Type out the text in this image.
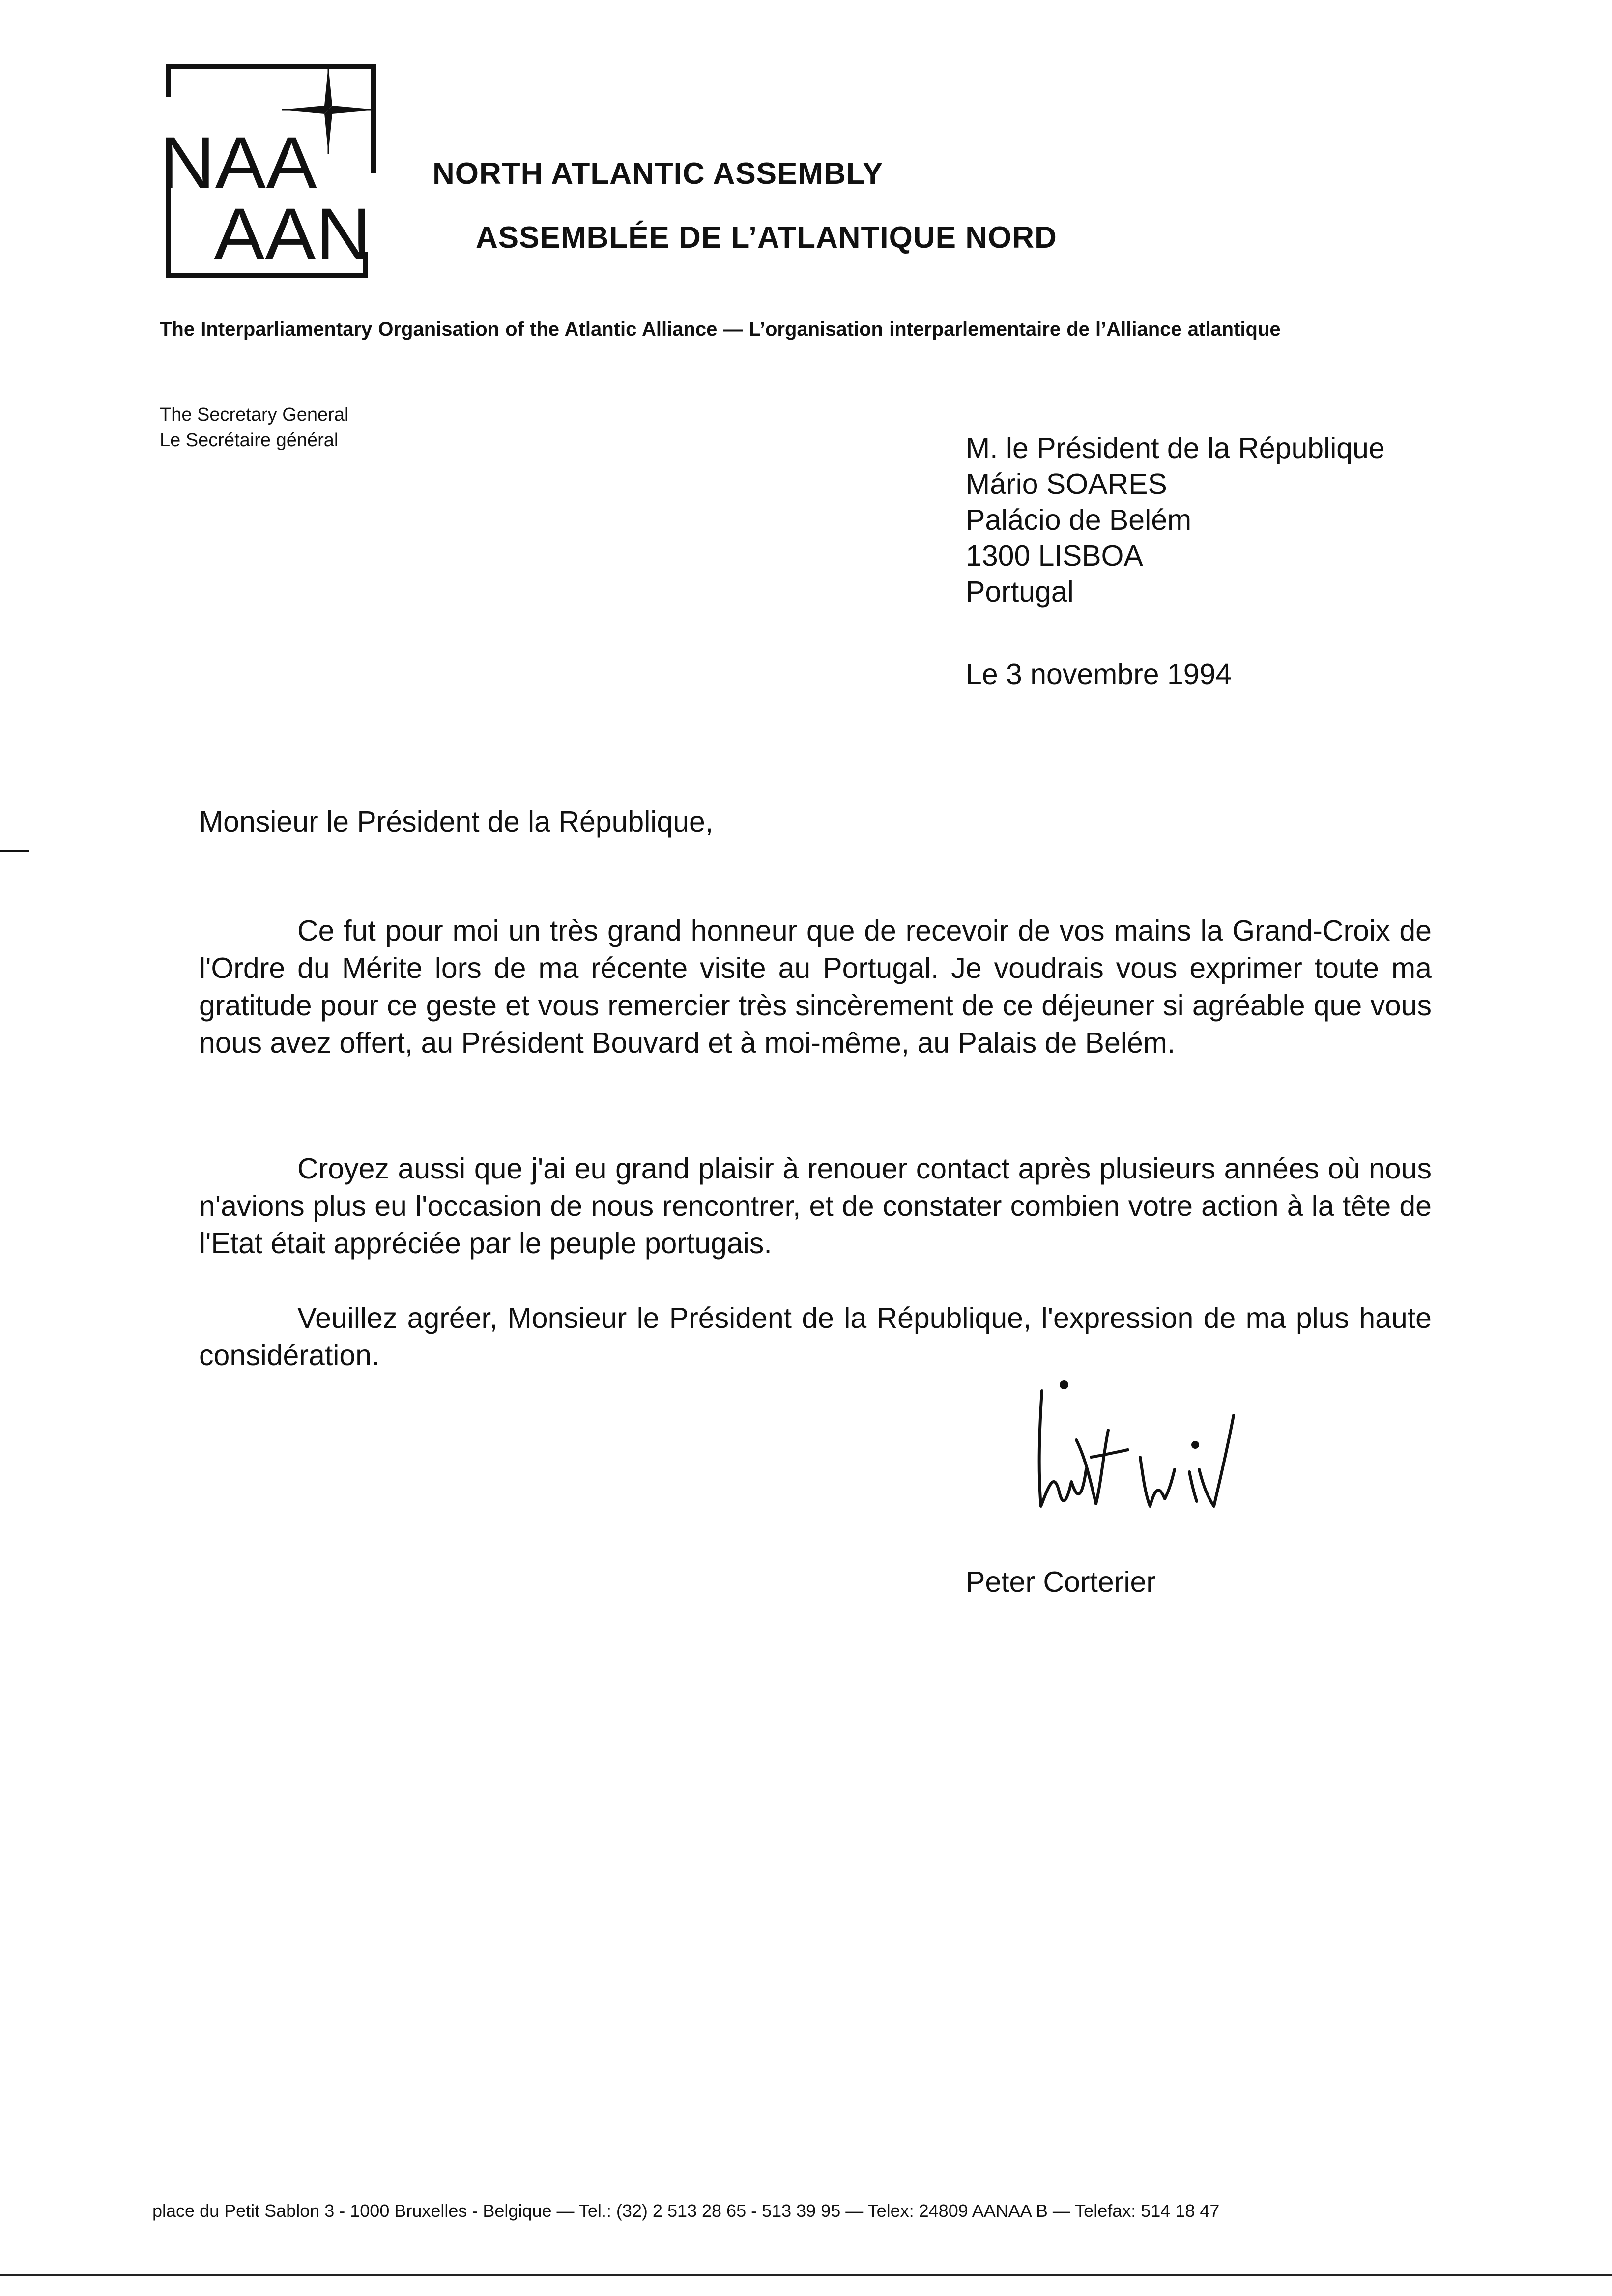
NAA
AAN
NORTH ATLANTIC ASSEMBLY
ASSEMBLÉE DE L’ATLANTIQUE NORD
The Interparliamentary Organisation of the Atlantic Alliance — L’organisation interparlementaire de l’Alliance atlantique
The Secretary General
Le Secrétaire général	M. le Président de la République
Mário SOARES
Palácio de Belém
1300 LISBOA
Portugal
Le 3 novembre 1994
Monsieur le Président de la République,

Ce fut pour moi un très grand honneur que de recevoir de vos mains la Grand-Croix de l'Ordre du Mérite lors de ma récente visite au Portugal. Je voudrais vous exprimer toute ma gratitude pour ce geste et vous remercier très sincèrement de ce déjeuner si agréable que vous nous avez offert, au Président Bouvard et à moi-même, au Palais de Belém.

Croyez aussi que j'ai eu grand plaisir à renouer contact après plusieurs années où nous n'avions plus eu l'occasion de nous rencontrer, et de constater combien votre action à la tête de l'Etat était appréciée par le peuple portugais.

Veuillez agréer, Monsieur le Président de la République, l'expression de ma plus haute considération.

Peter Corterier
place du Petit Sablon 3 - 1000 Bruxelles - Belgique — Tel.: (32) 2 513 28 65 - 513 39 95 — Telex: 24809 AANAA B — Telefax: 514 18 47
